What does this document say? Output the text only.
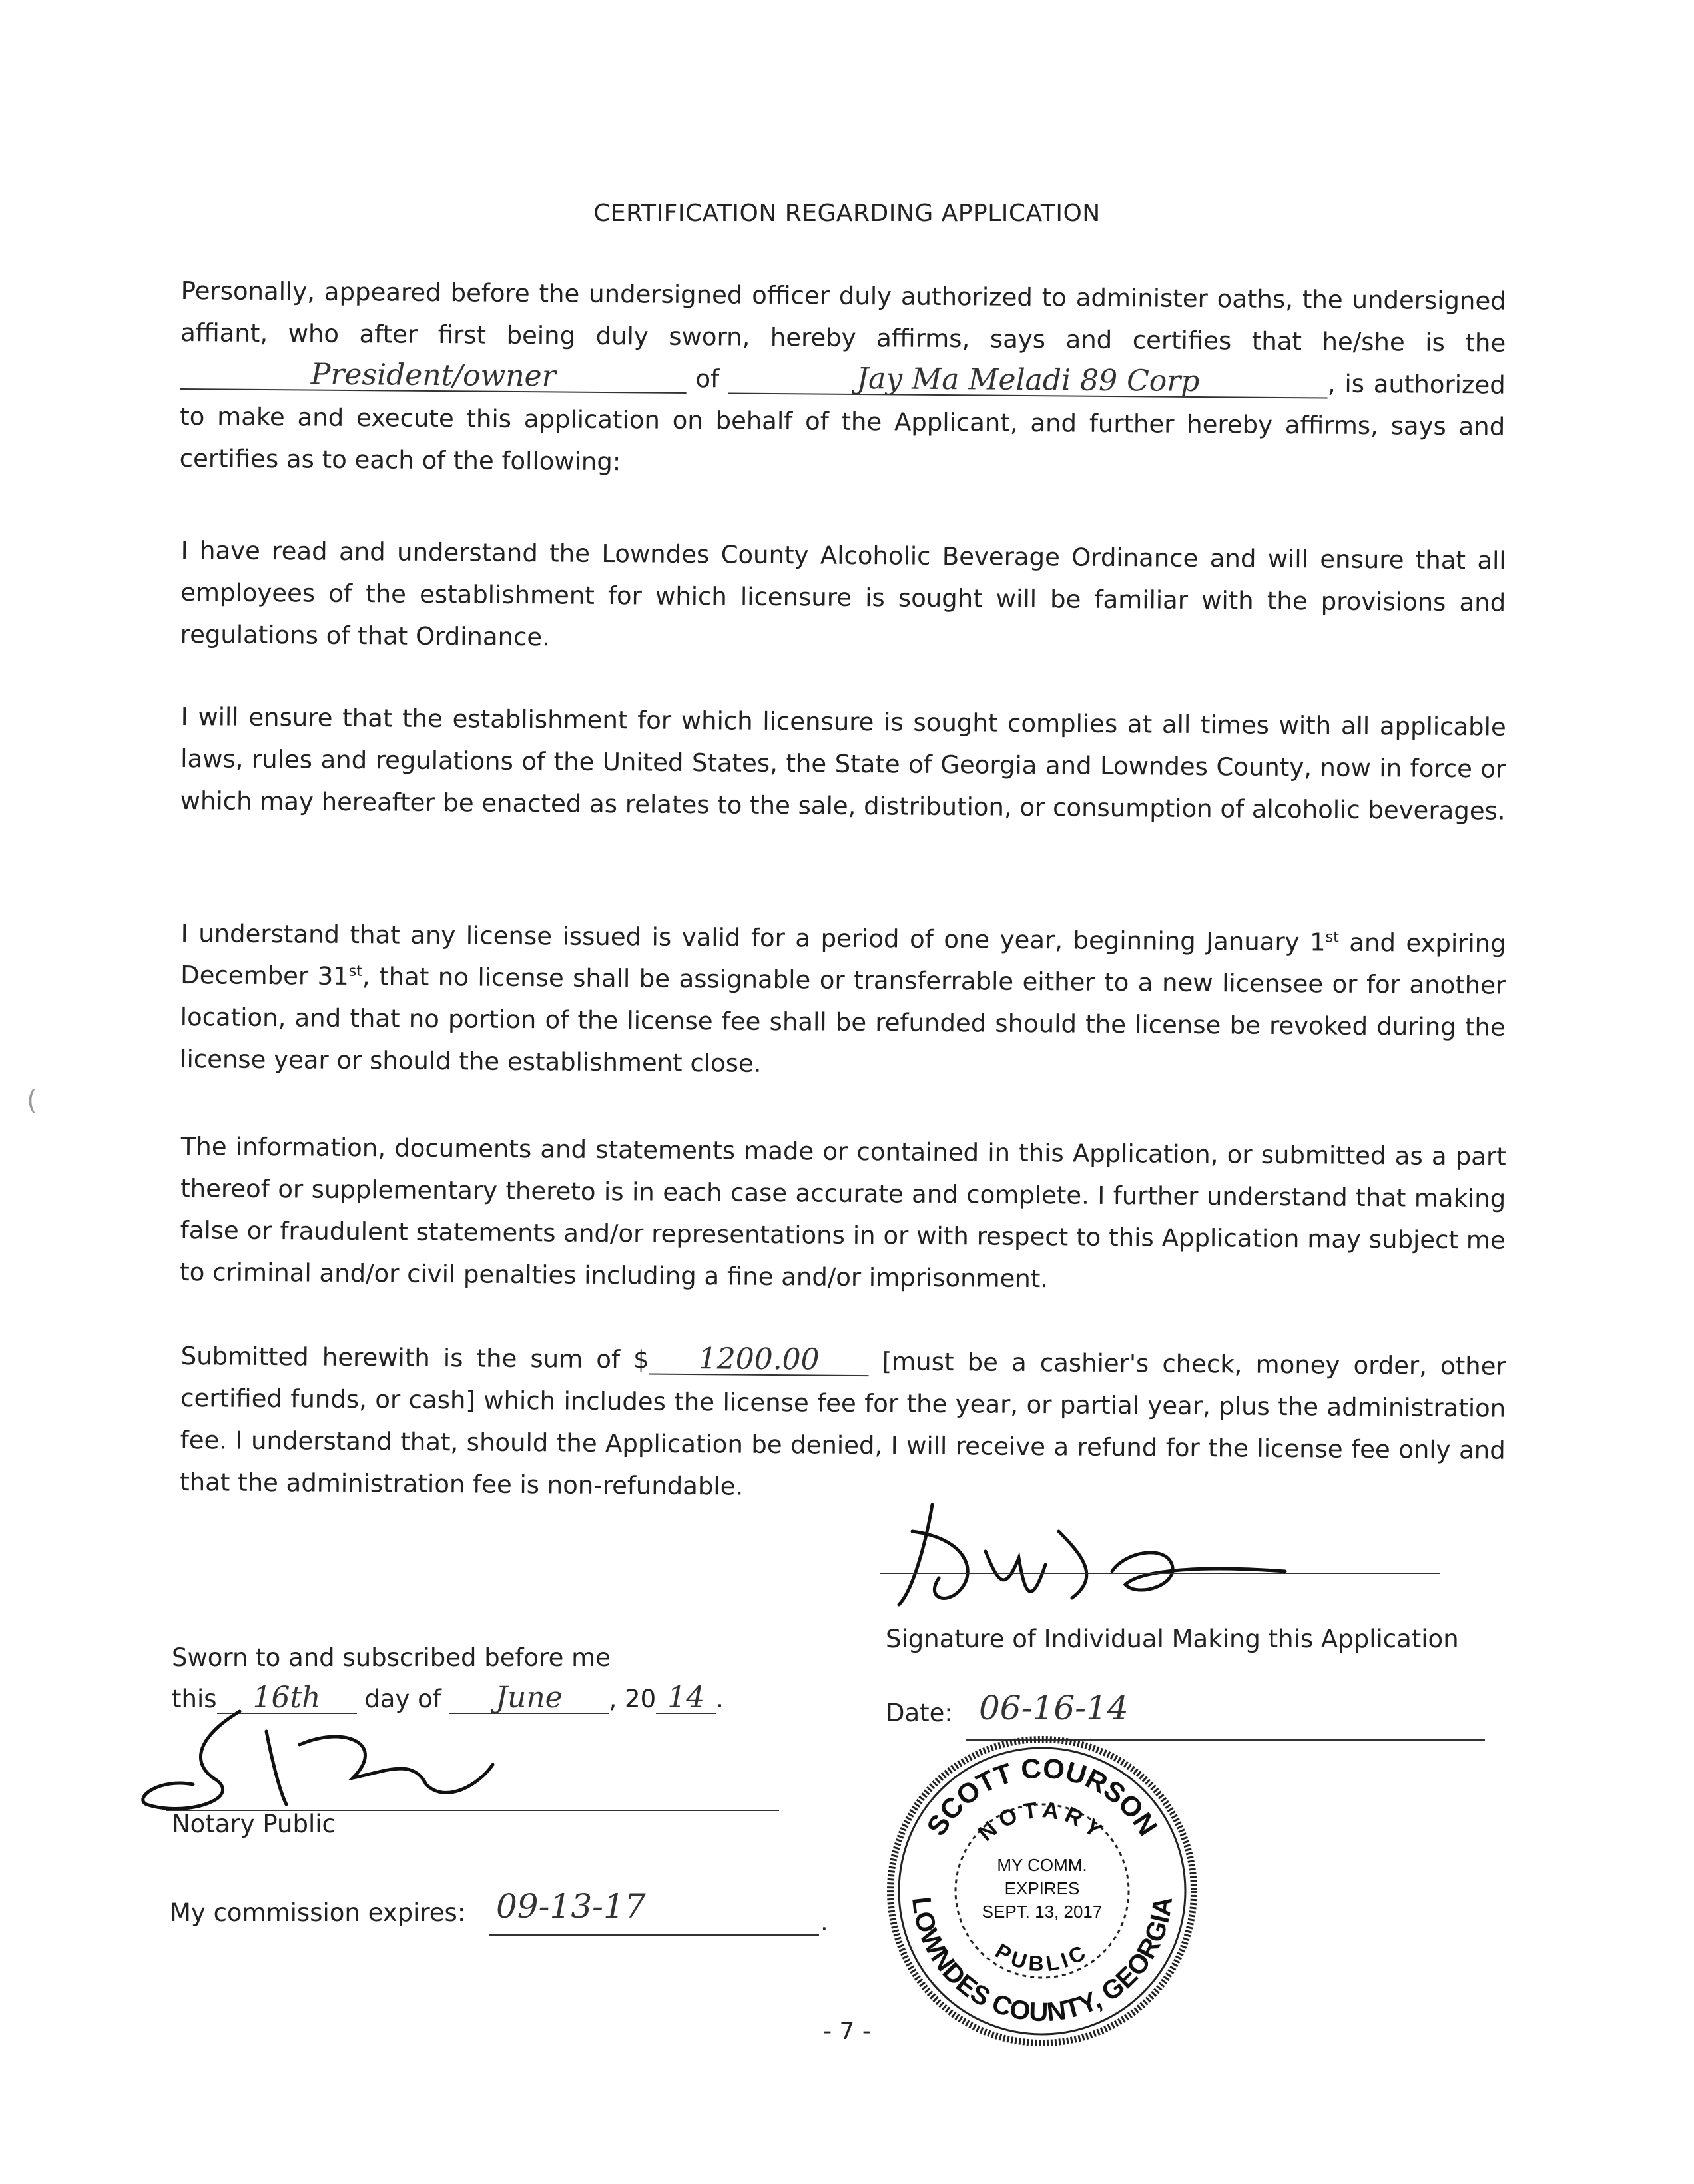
(
CERTIFICATION REGARDING APPLICATION
Personally, appeared before the undersigned officer duly authorized to administer oaths, the undersigned affiant, who after first being duly sworn, hereby affirms, says and certifies that he/she is the President/owner	of	Jay Ma Meladi 89 Corp	, is authorized to make and execute this application on behalf of the Applicant, and further hereby affirms, says and certifies as to each of the following:
I have read and understand the Lowndes County Alcoholic Beverage Ordinance and will ensure that all employees of the establishment for which licensure is sought will be familiar with the provisions and regulations of that Ordinance.
I will ensure that the establishment for which licensure is sought complies at all times with all applicable laws, rules and regulations of the United States, the State of Georgia and Lowndes County, now in force or which may hereafter be enacted as relates to the sale, distribution, or consumption of alcoholic beverages.
I understand that any license issued is valid for a period of one year, beginning January 1st and expiring December 31st, that no license shall be assignable or transferrable either to a new licensee or for another location, and that no portion of the license fee shall be refunded should the license be revoked during the license year or should the establishment close.
The information, documents and statements made or contained in this Application, or submitted as a part thereof or supplementary thereto is in each case accurate and complete. I further understand that making false or fraudulent statements and/or representations in or with respect to this Application may subject me to criminal and/or civil penalties including a fine and/or imprisonment.
Submitted herewith is the sum of $ 1200.00 [must be a cashier's check, money order, other certified funds, or cash] which includes the license fee for the year, or partial year, plus the administration fee. I understand that, should the Application be denied, I will receive a refund for the license fee only and that the administration fee is non-refundable.
Signature of Individual Making this Application
Date: 06-16-14
Sworn to and subscribed before me
this 16th day of June , 20 14 .
Notary Public
My commission expires: 09-13-17	.
SCOTT COURSON
LOWNDES COUNTY, GEORGIA
NOTARY
PUBLIC
MY COMM.
EXPIRES
SEPT. 13, 2017
- 7 -
